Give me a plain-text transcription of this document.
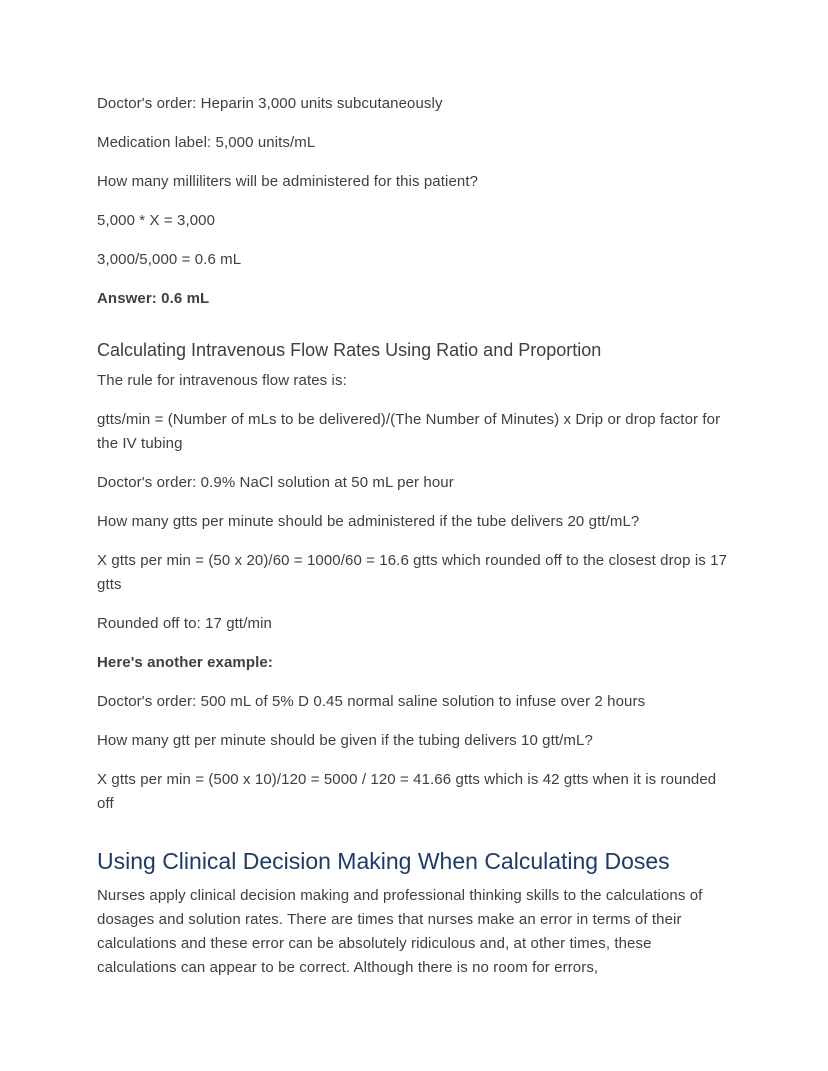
Doctor's order: Heparin 3,000 units subcutaneously

Medication label: 5,000 units/mL

How many milliliters will be administered for this patient?

5,000 * X = 3,000

3,000/5,000 = 0.6 mL

Answer: 0.6 mL

Calculating Intravenous Flow Rates Using Ratio and Proportion

The rule for intravenous flow rates is:

gtts/min = (Number of mLs to be delivered)/(The Number of Minutes) x Drip or drop factor for the IV tubing

Doctor's order: 0.9% NaCl solution at 50 mL per hour

How many gtts per minute should be administered if the tube delivers 20 gtt/mL?

X gtts per min = (50 x 20)/60 = 1000/60 = 16.6 gtts which rounded off to the closest drop is 17 gtts

Rounded off to: 17 gtt/min

Here's another example:

Doctor's order: 500 mL of 5% D 0.45 normal saline solution to infuse over 2 hours

How many gtt per minute should be given if the tubing delivers 10 gtt/mL?

X gtts per min = (500 x 10)/120 = 5000 / 120 = 41.66 gtts which is 42 gtts when it is rounded off

Using Clinical Decision Making When Calculating Doses

Nurses apply clinical decision making and professional thinking skills to the calculations of dosages and solution rates. There are times that nurses make an error in terms of their calculations and these error can be absolutely ridiculous and, at other times, these calculations can appear to be correct. Although there is no room for errors,
